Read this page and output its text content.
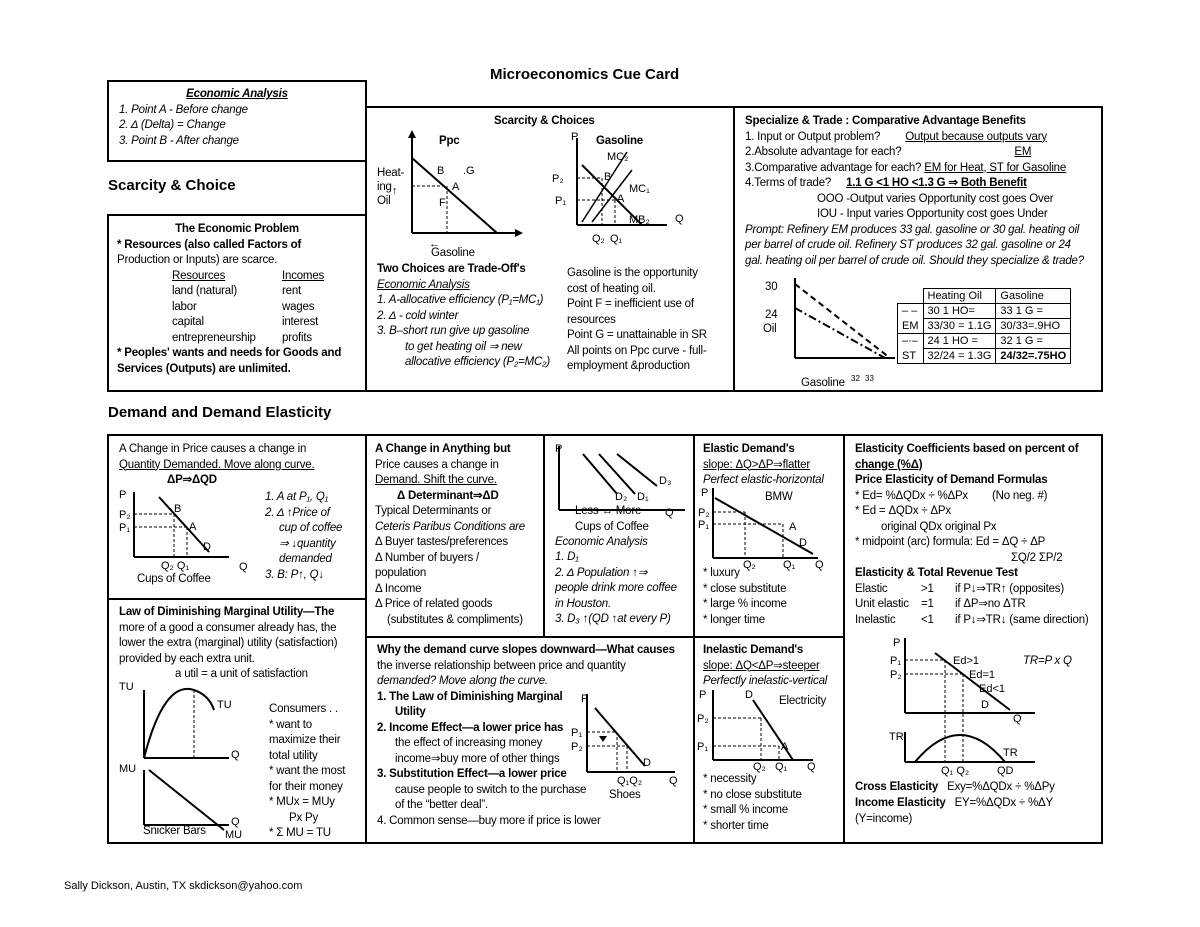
Microeconomics Cue Card
Economic Analysis
1. Point A - Before change
2. Δ (Delta) = Change
3. Point B - After change
Scarcity & Choice
The Economic Problem
* Resources (also called Factors of
Production or Inputs) are scarce.
Resources	Incomes
land (natural)	rent
labor	wages
capital	interest
entrepreneurship	profits
* Peoples' wants and needs for Goods and
Services (Outputs) are unlimited.
Scarcity & Choices
B
A
F
.G
↑
←
Ppc
Heat-
ing
Oil
Gasoline
P
P₂
P₁
B
A
MC₂
MC₁
MB₂
Q₂ Q₁
Q
Gasoline
Two Choices are Trade-Off's
Economic Analysis
1. A-allocative efficiency (P₁=MC₁)
2. Δ - cold winter
3. B–short run give up gasoline
to get heating oil ⇒ new
allocative efficiency (P₂=MC₂)
Gasoline is the opportunity
cost of heating oil.
Point F = inefficient use of
resources
Point G = unattainable in SR
All points on Ppc curve - full-
employment &production
Specialize & Trade : Comparative Advantage Benefits
1. Input or Output problem? Output because outputs vary
2.Absolute advantage for each?	EM
3.Comparative advantage for each? EM for Heat, ST for Gasoline
4.Terms of trade? 1.1 G <1 HO <1.3 G ⇒ Both Benefit
OOO -Output varies Opportunity cost goes Over
IOU - Input varies Opportunity cost goes Under
Prompt: Refinery EM produces 33 gal. gasoline or 30 gal. heating oil
per barrel of crude oil. Refinery ST produces 32 gal. gasoline or 24
gal. heating oil per barrel of crude oil. Should they specialize & trade?
30
24
Oil
Gasoline 32 33
	Heating Oil	Gasoline
– –	30 1 HO=	33 1 G =
EM	33/30 = 1.1G	30/33=.9HO
–·–	24 1 HO =	32 1 G =
ST	32/24 = 1.3G	24/32=.75HO
Demand and Demand Elasticity
A Change in Price causes a change in
Quantity Demanded. Move along curve.
ΔP⇒ΔQD
P
P₂
P₁
B
A
D
Q₂ Q₁	Q
1. A at P₁, Q₁
2. Δ ↑Price of
cup of coffee
⇒ ↓quantity
demanded
3. B: P↑, Q↓
Cups of Coffee
A Change in Anything but
Price causes a change in
Demand. Shift the curve.
Δ Determinant⇒ΔD
Typical Determinants or
Ceteris Paribus Conditions are
Δ Buyer tastes/preferences
Δ Number of buyers /
population
Δ Income
Δ Price of related goods
(substitutes & compliments)
P
D₂ D₁
D₃
Q
Less ↔ More
Cups of Coffee
Economic Analysis
1. D₁
2. Δ Population ↑⇒
people drink more coffee
in Houston.
3. D₃ ↑(QD ↑at every P)
Elastic Demand's
slope: ΔQ>ΔP⇒flatter
Perfect elastic-horizontal
P
P₂
P₁	A
D
Q₂ Q₁ Q
BMW
* luxury
* close substitute
* large % income
* longer time
Elasticity Coefficients based on percent of
change (%Δ)
Price Elasticity of Demand Formulas
* Ed= %ΔQDx ÷ %ΔPx (No neg. #)
* Ed = ΔQDx ÷ ΔPx
original QDx original Px
* midpoint (arc) formula: Ed = ΔQ ÷ ΔP
ΣQ/2 ΣP/2
Elasticity & Total Revenue Test
Elastic	>1	if P↓⇒TR↑ (opposites)
Unit elastic	=1	if ΔP⇒no ΔTR
Inelastic	<1	if P↓⇒TR↓ (same direction)
P
P₁
P₂
Ed>1
Ed=1
Ed<1
D
Q
TR
TR
Q₁ Q₂	QD
TR=P x Q
Cross Elasticity Exy=%ΔQDx ÷ %ΔPy
Income Elasticity EY=%ΔQDx ÷ %ΔY
(Y=income)
Law of Diminishing Marginal Utility—The
more of a good a consumer already has, the
lower the extra (marginal) utility (satisfaction)
provided by each extra unit.
a util = a unit of satisfaction
TU
TU
Q
MU
Q
MU
Consumers . .
* want to
maximize their
total utility
* want the most
for their money
* MUx = MUy
Px Py
* Σ MU = TU
Snicker Bars
Why the demand curve slopes downward—What causes
the inverse relationship between price and quantity
demanded? Move along the curve.
1. The Law of Diminishing Marginal
Utility
2. Income Effect—a lower price has
the effect of increasing money
income⇒buy more of other things
3. Substitution Effect—a lower price
cause people to switch to the purchase
of the “better deal”.
4. Common sense—buy more if price is lower
P
P₁
P₂
D
Q₁Q₂ Q
Shoes
Inelastic Demand's
slope: ΔQ<ΔP⇒steeper
Perfectly inelastic-vertical
P
P₂
P₁	A
D
Q₂ Q₁ Q
Electricity
* necessity
* no close substitute
* small % income
* shorter time
Sally Dickson, Austin, TX skdickson@yahoo.com
